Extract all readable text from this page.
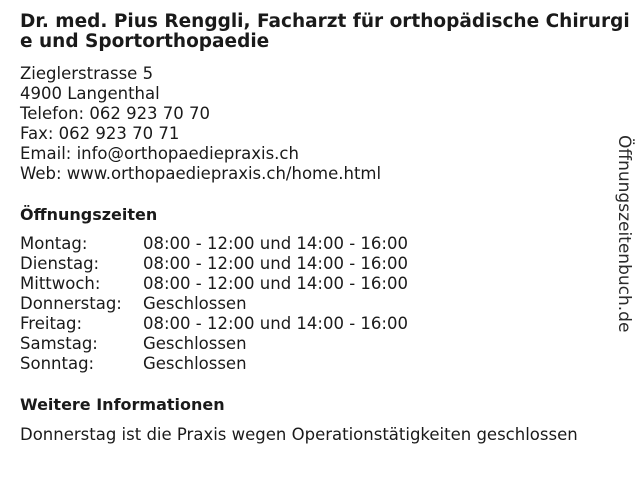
Dr. med. Pius Renggli, Facharzt für orthopädische Chirurgie und Sportorthopaedie
Zieglerstrasse 5
4900 Langenthal
Telefon: 062 923 70 70
Fax: 062 923 70 71
Email: info@orthopaediepraxis.ch
Web: www.orthopaediepraxis.ch/home.html
Öffnungszeiten
Montag:	08:00 - 12:00 und 14:00 - 16:00
Dienstag:	08:00 - 12:00 und 14:00 - 16:00
Mittwoch:	08:00 - 12:00 und 14:00 - 16:00
Donnerstag:	Geschlossen
Freitag:	08:00 - 12:00 und 14:00 - 16:00
Samstag:	Geschlossen
Sonntag:	Geschlossen
Weitere Informationen
Donnerstag ist die Praxis wegen Operationstätigkeiten geschlossen
Öffnungszeitenbuch.de
